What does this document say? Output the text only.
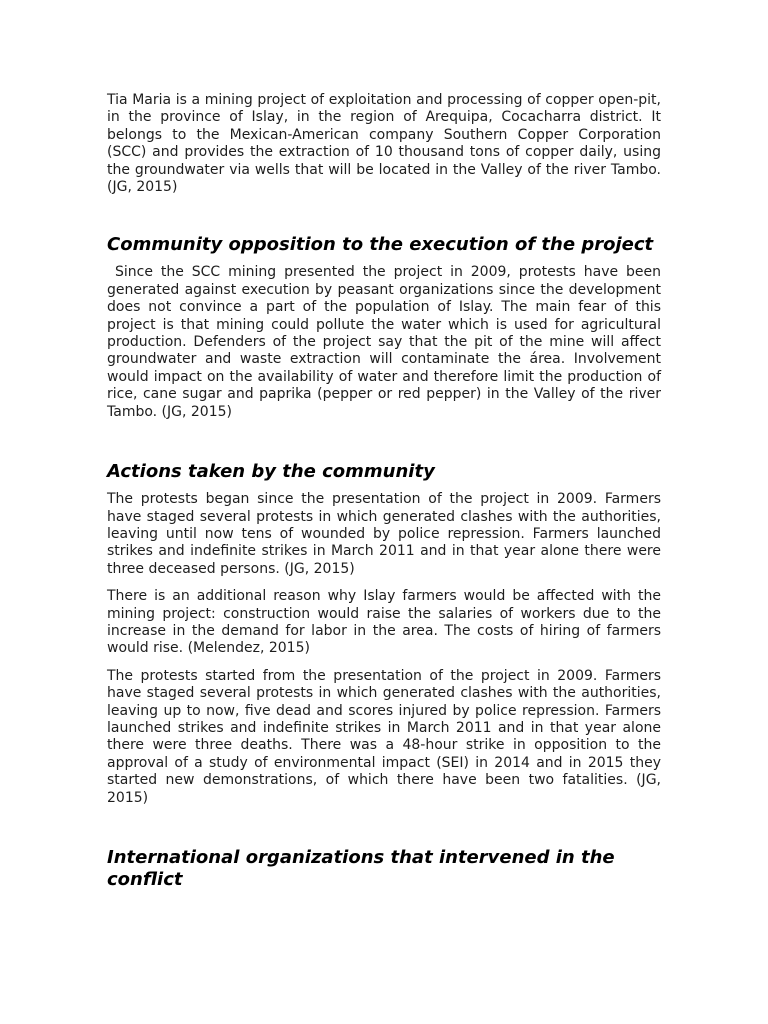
Tia Maria is a mining project of exploitation and processing of copper open-pit, in the province of Islay, in the region of Arequipa, Cocacharra district. It belongs to the Mexican-American company Southern Copper Corporation (SCC) and provides the extraction of 10 thousand tons of copper daily, using the groundwater via wells that will be located in the Valley of the river Tambo. (JG, 2015)

Community opposition to the execution of the project

Since the SCC mining presented the project in 2009, protests have been generated against execution by peasant organizations since the development does not convince a part of the population of Islay. The main fear of this project is that mining could pollute the water which is used for agricultural production. Defenders of the project say that the pit of the mine will affect groundwater and waste extraction will contaminate the área. Involvement would impact on the availability of water and therefore limit the production of rice, cane sugar and paprika (pepper or red pepper) in the Valley of the river Tambo. (JG, 2015)

Actions taken by the community

The protests began since the presentation of the project in 2009. Farmers have staged several protests in which generated clashes with the authorities, leaving until now tens of wounded by police repression. Farmers launched strikes and indefinite strikes in March 2011 and in that year alone there were three deceased persons. (JG, 2015)

There is an additional reason why Islay farmers would be affected with the mining project: construction would raise the salaries of workers due to the increase in the demand for labor in the area. The costs of hiring of farmers would rise. (Melendez, 2015)

The protests started from the presentation of the project in 2009. Farmers have staged several protests in which generated clashes with the authorities, leaving up to now, five dead and scores injured by police repression. Farmers launched strikes and indefinite strikes in March 2011 and in that year alone there were three deaths. There was a 48-hour strike in opposition to the approval of a study of environmental impact (SEI) in 2014 and in 2015 they started new demonstrations, of which there have been two fatalities. (JG, 2015)

International organizations that intervened in the conflict
